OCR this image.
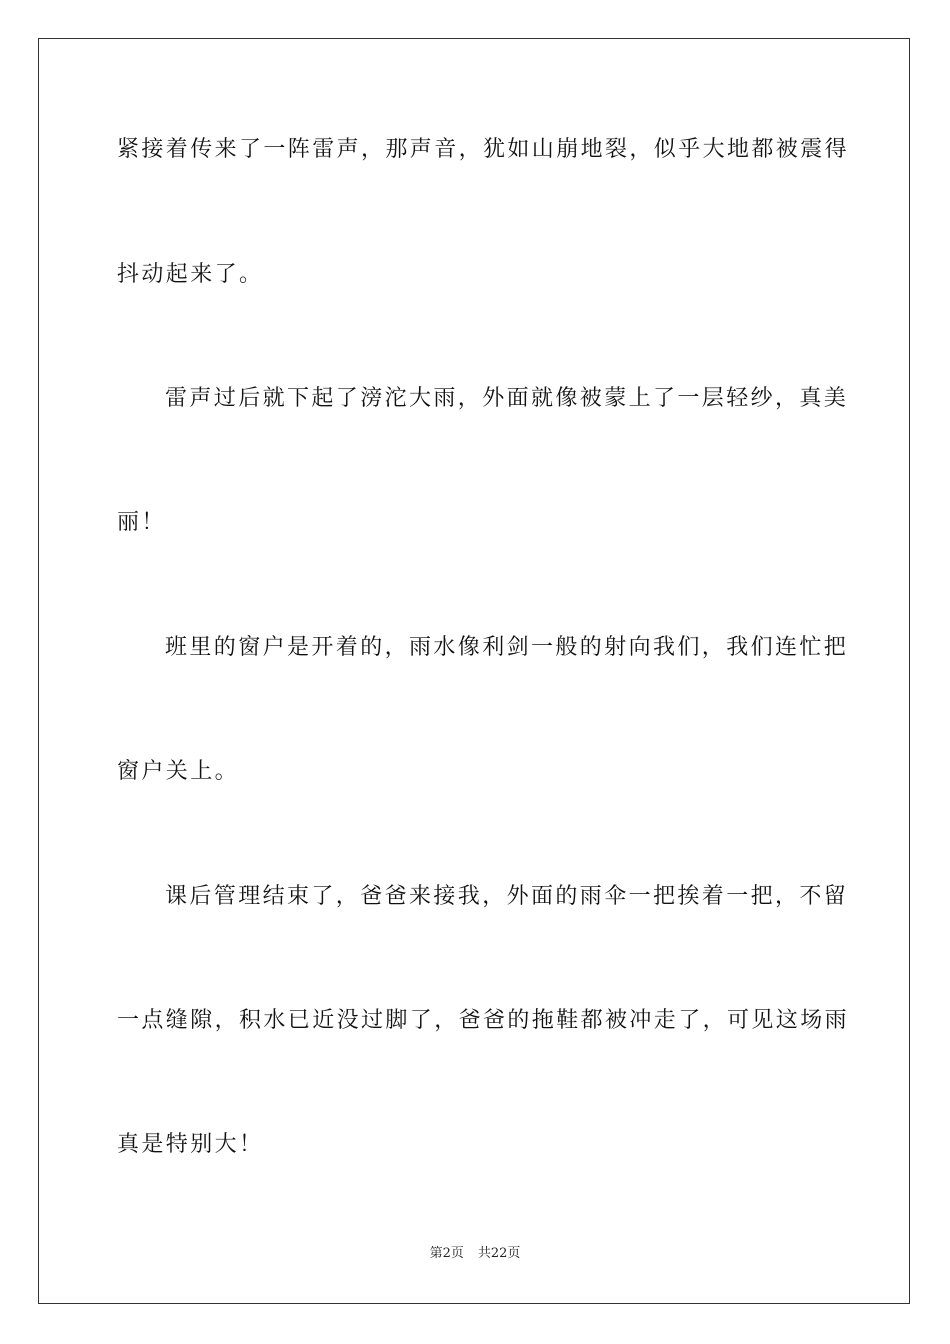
紧接着传来了一阵雷声，那声音，犹如山崩地裂，似乎大地都被震得
抖动起来了。
雷声过后就下起了滂沱大雨，外面就像被蒙上了一层轻纱，真美
丽！
班里的窗户是开着的，雨水像利剑一般的射向我们，我们连忙把
窗户关上。
课后管理结束了，爸爸来接我，外面的雨伞一把挨着一把，不留
一点缝隙，积水已近没过脚了，爸爸的拖鞋都被冲走了，可见这场雨
真是特别大！
第2页 共22页
